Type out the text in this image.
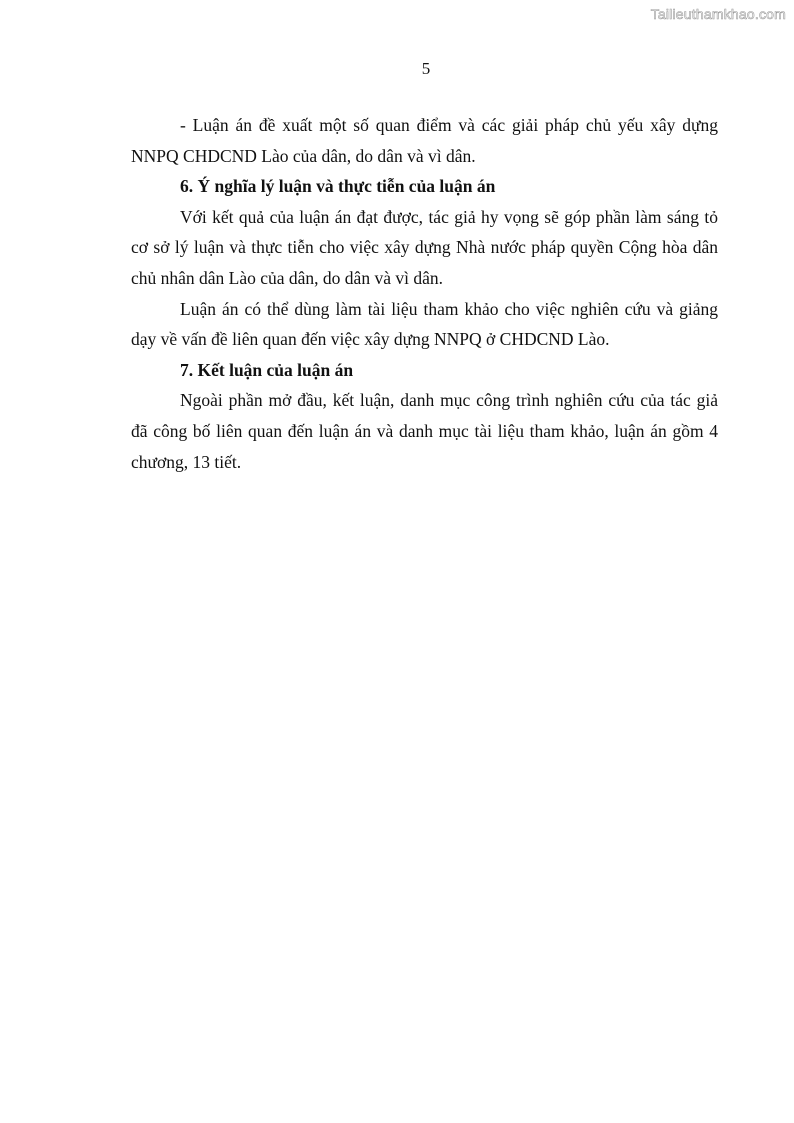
Tailieuthamkhao.com
5

- Luận án đề xuất một số quan điểm và các giải pháp chủ yếu xây dựng NNPQ CHDCND Lào của dân, do dân và vì dân.

6. Ý nghĩa lý luận và thực tiễn của luận án

Với kết quả của luận án đạt được, tác giả hy vọng sẽ góp phần làm sáng tỏ cơ sở lý luận và thực tiễn cho việc xây dựng Nhà nước pháp quyền Cộng hòa dân chủ nhân dân Lào của dân, do dân và vì dân.

Luận án có thể dùng làm tài liệu tham khảo cho việc nghiên cứu và giảng dạy về vấn đề liên quan đến việc xây dựng NNPQ ở CHDCND Lào.

7. Kết luận của luận án

Ngoài phần mở đầu, kết luận, danh mục công trình nghiên cứu của tác giả đã công bố liên quan đến luận án và danh mục tài liệu tham khảo, luận án gồm 4 chương, 13 tiết.
